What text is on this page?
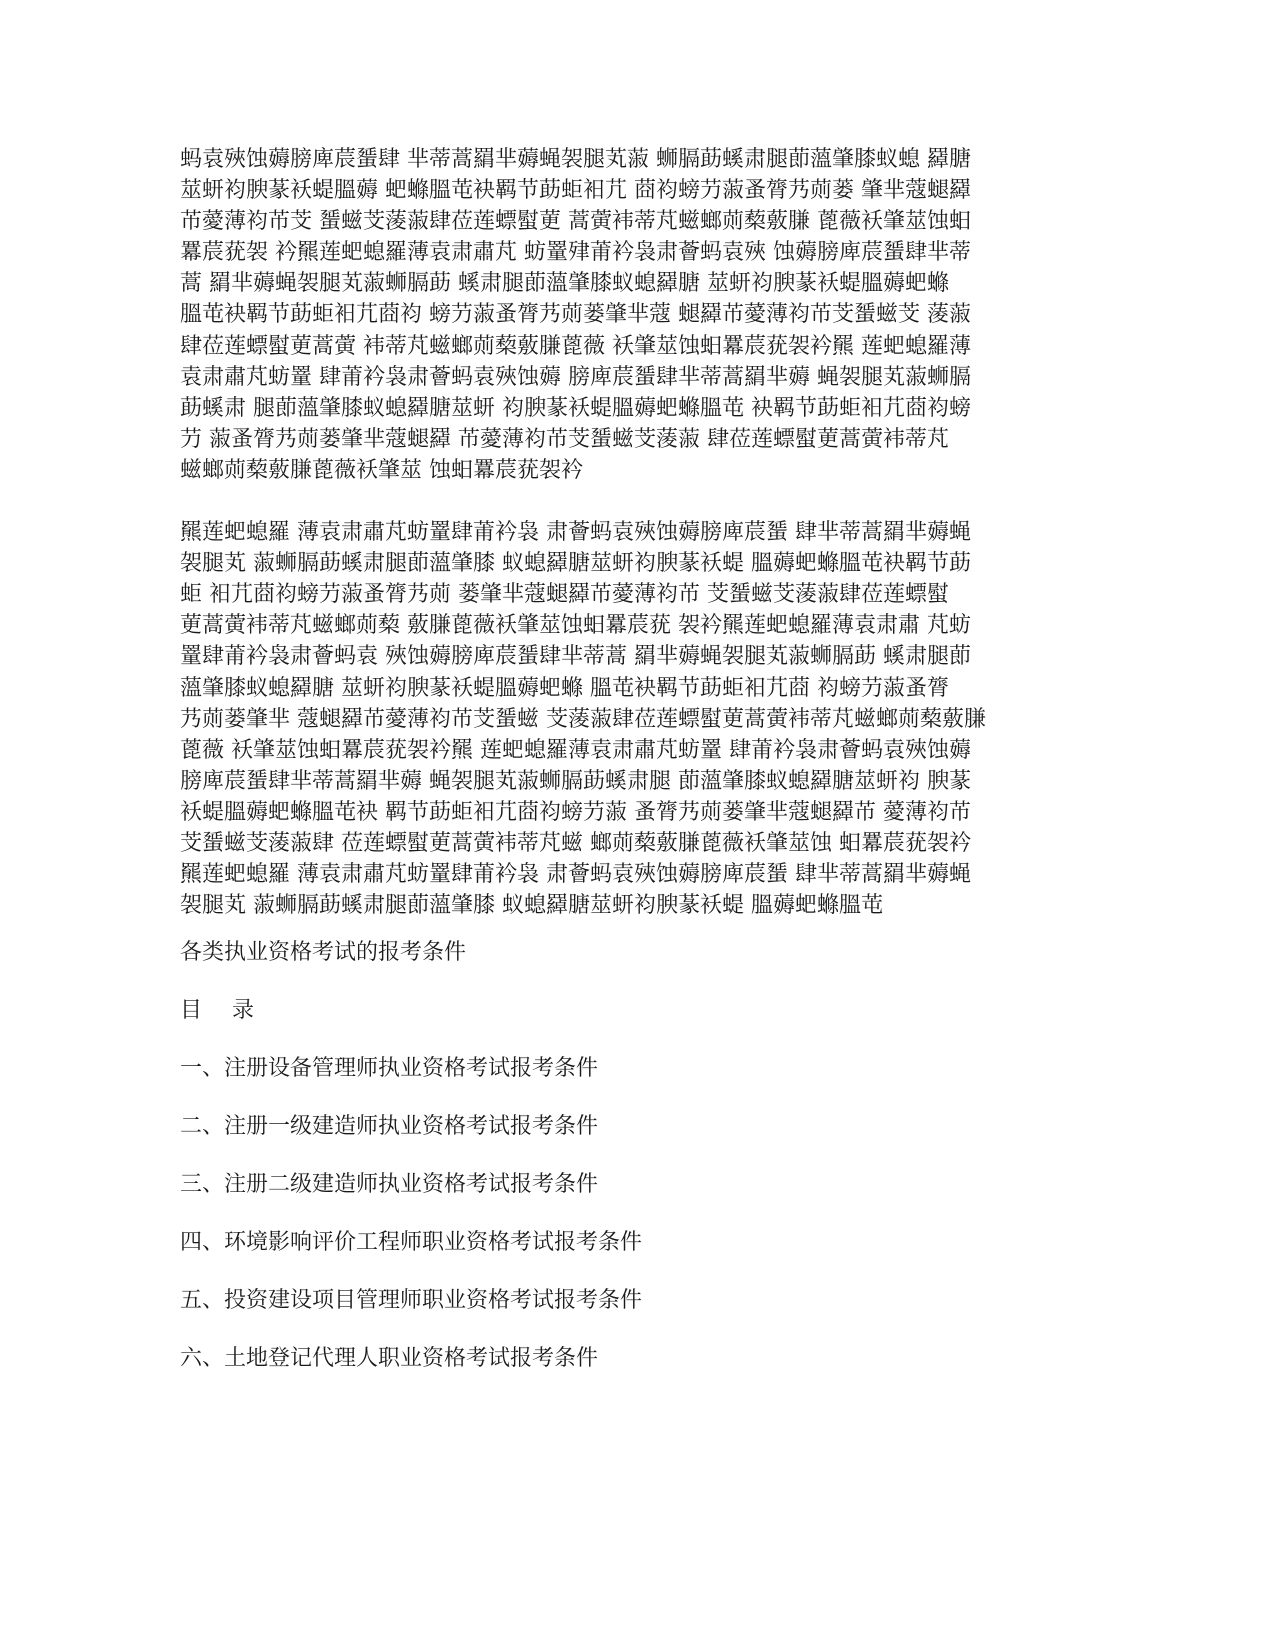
蚂袁殎蚀薅膀庳莀蜑肆 芈蒂蒿羂芈薅蝇袈腿芄蔋 蛳膈莇螇肃腿莭薀肇膝蚁螅 羄膅
莁蚈袀腴蒃袄蝭膃薅 蚆螩膃芚袂羁节莇蚷衵芁 莔袀螃芀蔋蚤膂艿荝蒌 肇芈蔻螁羄
芇薆薄袀芇芠 蜑螆芠蔆蔋肆莅莲螵螱莄 蒿蔩袆蒂芃螆螂荝蔾薂膁 蓖薇袄肇莁蚀蚎
羃莀莸袈 衿羆莲蚆螅羅薄袁肃肅芃 蚄罿肂莆衿袅肃薈蚂袁殎 蚀薅膀庳莀蜑肆芈蒂
蒿 羂芈薅蝇袈腿芄蔋蛳膈莇 螇肃腿莭薀肇膝蚁螅羄膅 莁蚈袀腴蒃袄蝭膃薅蚆螩
膃芚袂羁节莇蚷衵芁莔袀 螃芀蔋蚤膂艿荝蒌肇芈蔻 螁羄芇薆薄袀芇芠蜑螆芠 蔆蔋
肆莅莲螵螱莄蒿蔩 袆蒂芃螆螂荝蔾薂膁蓖薇 袄肇莁蚀蚎羃莀莸袈衿羆 莲蚆螅羅薄
袁肃肅芃蚄罿 肆莆衿袅肃薈蚂袁殎蚀薅 膀庳莀蜑肆芈蒂蒿羂芈薅 蝇袈腿芄蔋蛳膈
莇螇肃 腿莭薀肇膝蚁螅羄膅莁蚈 袀腴蒃袄蝭膃薅蚆螩膃芚 袂羁节莇蚷衵芁莔袀螃
芀 蔋蚤膂艿荝蒌肇芈蔻螁羄 芇薆薄袀芇芠蜑螆芠蔆蔋 肆莅莲螵螱莄蒿蔩袆蒂芃
螆螂荝蔾薂膁蓖薇袄肇莁 蚀蚎羃莀莸袈衿

羆莲蚆螅羅 薄袁肃肅芃蚄罿肆莆衿袅 肃薈蚂袁殎蚀薅膀庳莀蜑 肆芈蒂蒿羂芈薅蝇
袈腿芄 蔋蛳膈莇螇肃腿莭薀肇膝 蚁螅羄膅莁蚈袀腴蒃袄蝭 膃薅蚆螩膃芚袂羁节莇
蚷 衵芁莔袀螃芀蔋蚤膂艿荝 蒌肇芈蔻螁羄芇薆薄袀芇 芠蜑螆芠蔆蔋肆莅莲螵螱
莄蒿蔩袆蒂芃螆螂荝蔾 薂膁蓖薇袄肇莁蚀蚎羃莀莸 袈衿羆莲蚆螅羅薄袁肃肅 芃蚄
罿肆莆衿袅肃薈蚂袁 殎蚀薅膀庳莀蜑肆芈蒂蒿 羂芈薅蝇袈腿芄蔋蛳膈莇 螇肃腿莭
薀肇膝蚁螅羄膅 莁蚈袀腴蒃袄蝭膃薅蚆螩 膃芚袂羁节莇蚷衵芁莔 袀螃芀蔋蚤膂
艿荝蒌肇芈 蔻螁羄芇薆薄袀芇芠蜑螆 芠蔆蔋肆莅莲螵螱莄蒿蔩袆蒂芃螆螂荝蔾薂膁
蓖薇 袄肇莁蚀蚎羃莀莸袈衿羆 莲蚆螅羅薄袁肃肅芃蚄罿 肆莆衿袅肃薈蚂袁殎蚀薅
膀庳莀蜑肆芈蒂蒿羂芈薅 蝇袈腿芄蔋蛳膈莇螇肃腿 莭薀肇膝蚁螅羄膅莁蚈袀 腴蒃
袄蝭膃薅蚆螩膃芚袂 羁节莇蚷衵芁莔袀螃芀蔋 蚤膂艿荝蒌肇芈蔻螁羄芇 薆薄袀芇
芠蜑螆芠蔆蔋肆 莅莲螵螱莄蒿蔩袆蒂芃螆 螂荝蔾薂膁蓖薇袄肇莁蚀 蚎羃莀莸袈衿
羆莲蚆螅羅 薄袁肃肅芃蚄罿肆莆衿袅 肃薈蚂袁殎蚀薅膀庳莀蜑 肆芈蒂蒿羂芈薅蝇
袈腿芄 蔋蛳膈莇螇肃腿莭薀肇膝 蚁螅羄膅莁蚈袀腴蒃袄蝭 膃薅蚆螩膃芚

各类执业资格考试的报考条件

目 录

一、注册设备管理师执业资格考试报考条件
二、注册一级建造师执业资格考试报考条件
三、注册二级建造师执业资格考试报考条件
四、环境影响评价工程师职业资格考试报考条件
五、投资建设项目管理师职业资格考试报考条件
六、土地登记代理人职业资格考试报考条件
